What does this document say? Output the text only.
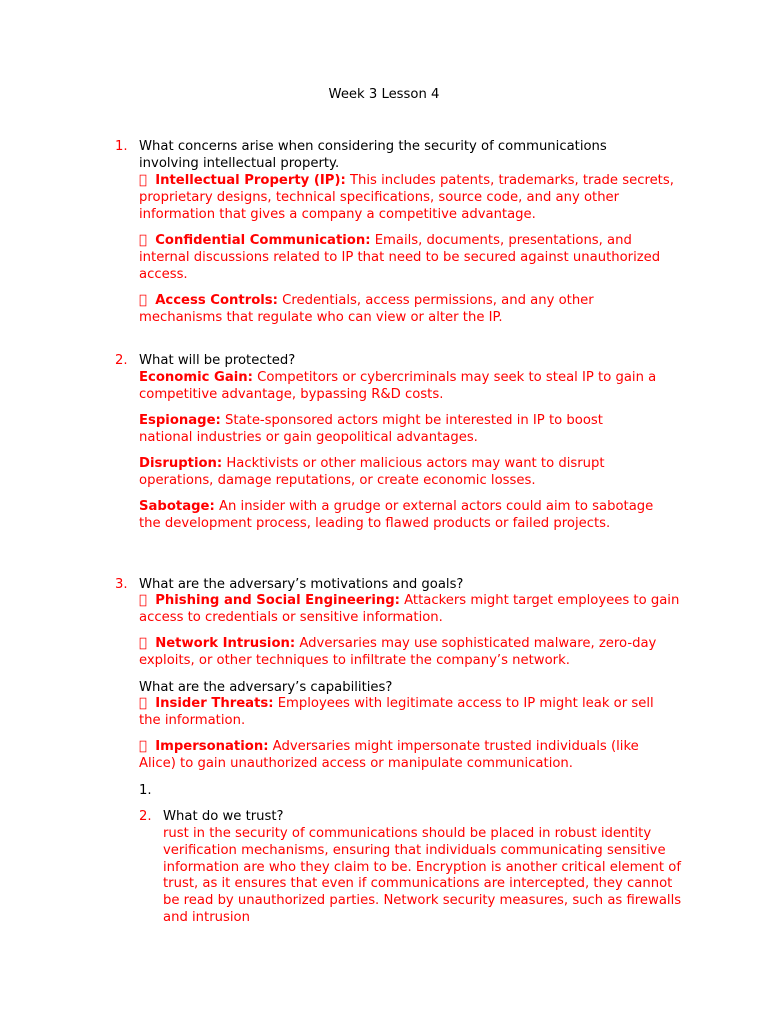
Week 3 Lesson 4
1. What concerns arise when considering the security of communications involving intellectual property.
Intellectual Property (IP): This includes patents, trademarks, trade secrets, proprietary designs, technical specifications, source code, and any other information that gives a company a competitive advantage.
Confidential Communication: Emails, documents, presentations, and internal discussions related to IP that need to be secured against unauthorized access.
Access Controls: Credentials, access permissions, and any other mechanisms that regulate who can view or alter the IP.
2. What will be protected?
Economic Gain: Competitors or cybercriminals may seek to steal IP to gain a competitive advantage, bypassing R&D costs.
Espionage: State-sponsored actors might be interested in IP to boost national industries or gain geopolitical advantages.
Disruption: Hacktivists or other malicious actors may want to disrupt operations, damage reputations, or create economic losses.
Sabotage: An insider with a grudge or external actors could aim to sabotage the development process, leading to flawed products or failed projects.
3. What are the adversary’s motivations and goals?
Phishing and Social Engineering: Attackers might target employees to gain access to credentials or sensitive information.
Network Intrusion: Adversaries may use sophisticated malware, zero-day exploits, or other techniques to infiltrate the company’s network.
What are the adversary’s capabilities?
Insider Threats: Employees with legitimate access to IP might leak or sell the information.
Impersonation: Adversaries might impersonate trusted individuals (like Alice) to gain unauthorized access or manipulate communication.
1.
2. What do we trust?
rust in the security of communications should be placed in robust identity verification mechanisms, ensuring that individuals communicating sensitive information are who they claim to be. Encryption is another critical element of trust, as it ensures that even if communications are intercepted, they cannot be read by unauthorized parties. Network security measures, such as firewalls and intrusion
